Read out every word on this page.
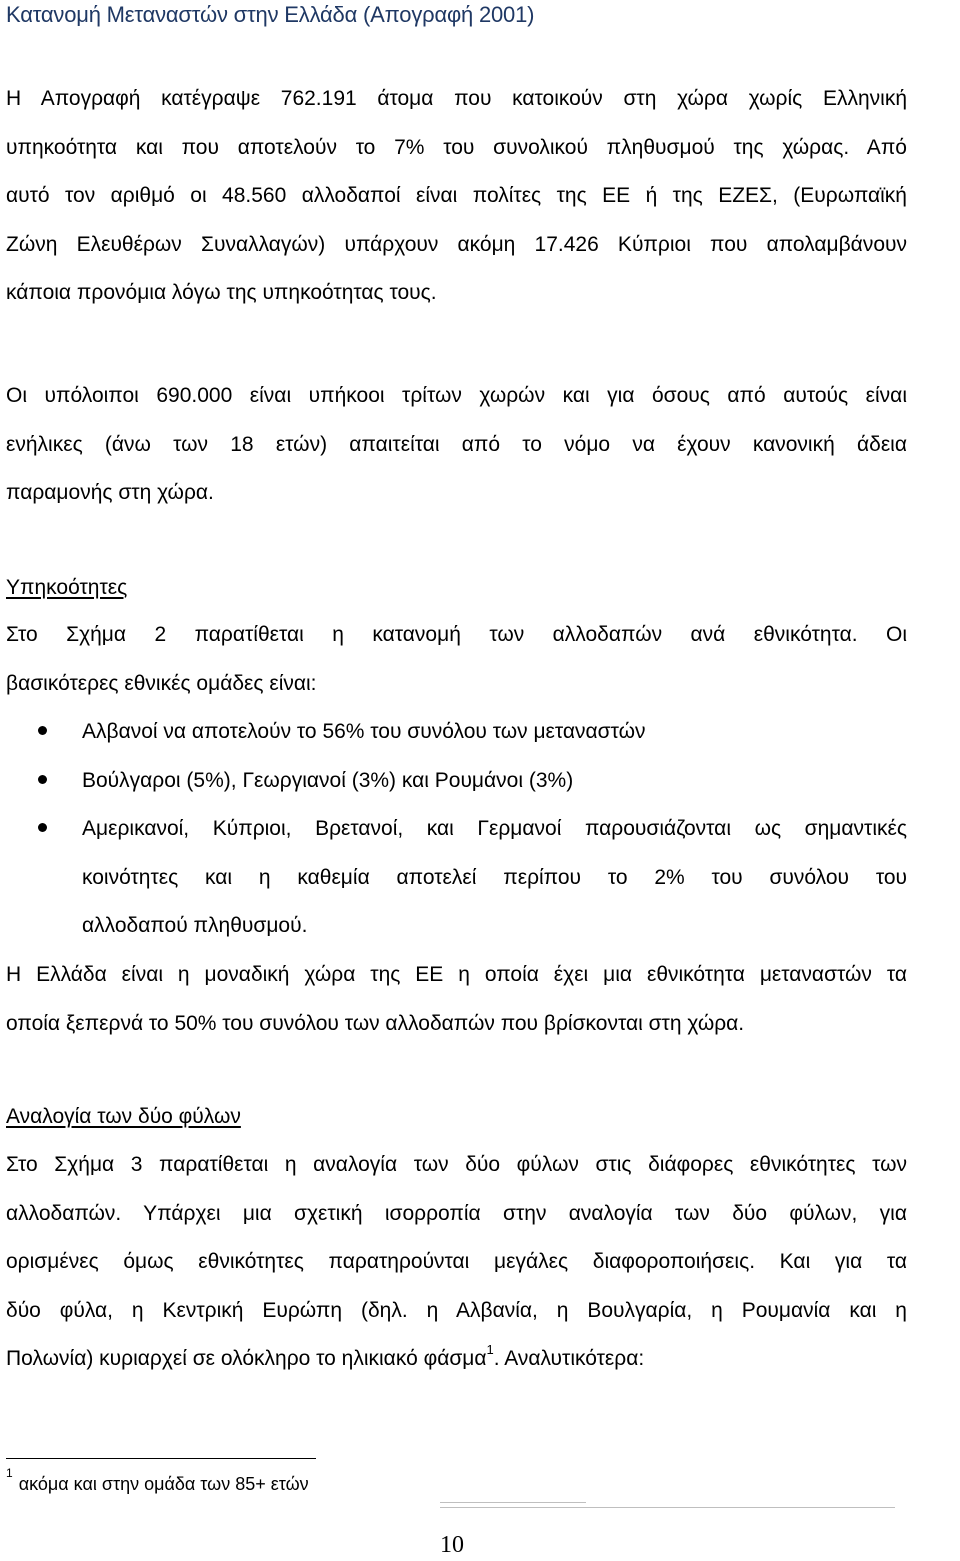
Κατανομή Μεταναστών στην Ελλάδα (Απογραφή 2001)
Η Απογραφή κατέγραψε 762.191 άτομα που κατοικούν στη χώρα χωρίς Ελληνική
υπηκοότητα και που αποτελούν το 7% του συνολικού πληθυσμού της χώρας. Από
αυτό τον αριθμό οι 48.560 αλλοδαποί είναι πολίτες της ΕΕ ή της ΕΖΕΣ, (Ευρωπαϊκή
Ζώνη Ελευθέρων Συναλλαγών) υπάρχουν ακόμη 17.426 Κύπριοι που απολαμβάνουν
κάποια προνόμια λόγω της υπηκοότητας τους.
Οι υπόλοιποι 690.000 είναι υπήκοοι τρίτων χωρών και για όσους από αυτούς είναι
ενήλικες (άνω των 18 ετών) απαιτείται από το νόμο να έχουν κανονική άδεια
παραμονής στη χώρα.
Υπηκοότητες
Στο Σχήμα 2 παρατίθεται η κατανομή των αλλοδαπών ανά εθνικότητα. Οι
βασικότερες εθνικές ομάδες είναι:
Αλβανοί να αποτελούν το 56% του συνόλου των μεταναστών
Βούλγαροι (5%), Γεωργιανοί (3%) και Ρουμάνοι (3%)
Αμερικανοί, Κύπριοι, Βρετανοί, και Γερμανοί παρουσιάζονται ως σημαντικές
κοινότητες και η καθεμία αποτελεί περίπου το 2% του συνόλου του
αλλοδαπού πληθυσμού.
Η Ελλάδα είναι η μοναδική χώρα της ΕΕ η οποία έχει μια εθνικότητα μεταναστών τα
οποία ξεπερνά το 50% του συνόλου των αλλοδαπών που βρίσκονται στη χώρα.
Αναλογία των δύο φύλων
Στο Σχήμα 3 παρατίθεται η αναλογία των δύο φύλων στις διάφορες εθνικότητες των
αλλοδαπών. Υπάρχει μια σχετική ισορροπία στην αναλογία των δύο φύλων, για
ορισμένες όμως εθνικότητες παρατηρούνται μεγάλες διαφοροποιήσεις. Και για τα
δύο φύλα, η Κεντρική Ευρώπη (δηλ. η Αλβανία, η Βουλγαρία, η Ρουμανία και η
Πολωνία) κυριαρχεί σε ολόκληρο το ηλικιακό φάσμα$^1$. Αναλυτικότερα:
$^1$ακόμα και στην ομάδα των 85+ ετών
10
